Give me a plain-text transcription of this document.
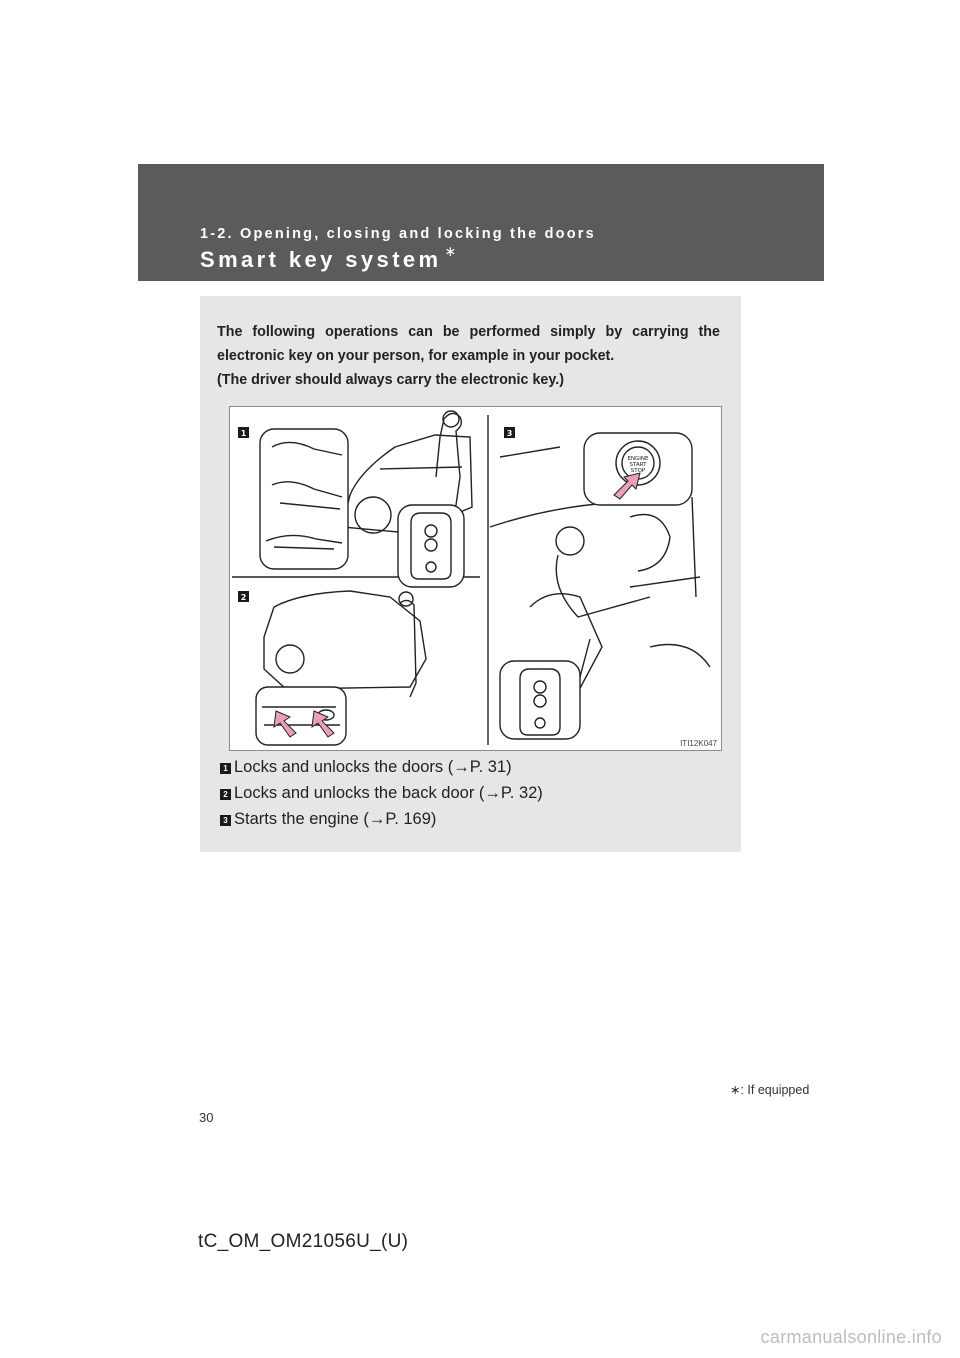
1-2. Opening, closing and locking the doors
Smart key system ∗
The following operations can be performed simply by carrying the
electronic key on your person, for example in your pocket.
(The driver should always carry the electronic key.)
ENGINE
START
STOP
1
2
3
ITI12K047
1 Locks and unlocks the doors (→P. 31)
2 Locks and unlocks the back door (→P. 32)
3 Starts the engine (→P. 169)
∗: If equipped
30
tC_OM_OM21056U_(U)
carmanualsonline.info
